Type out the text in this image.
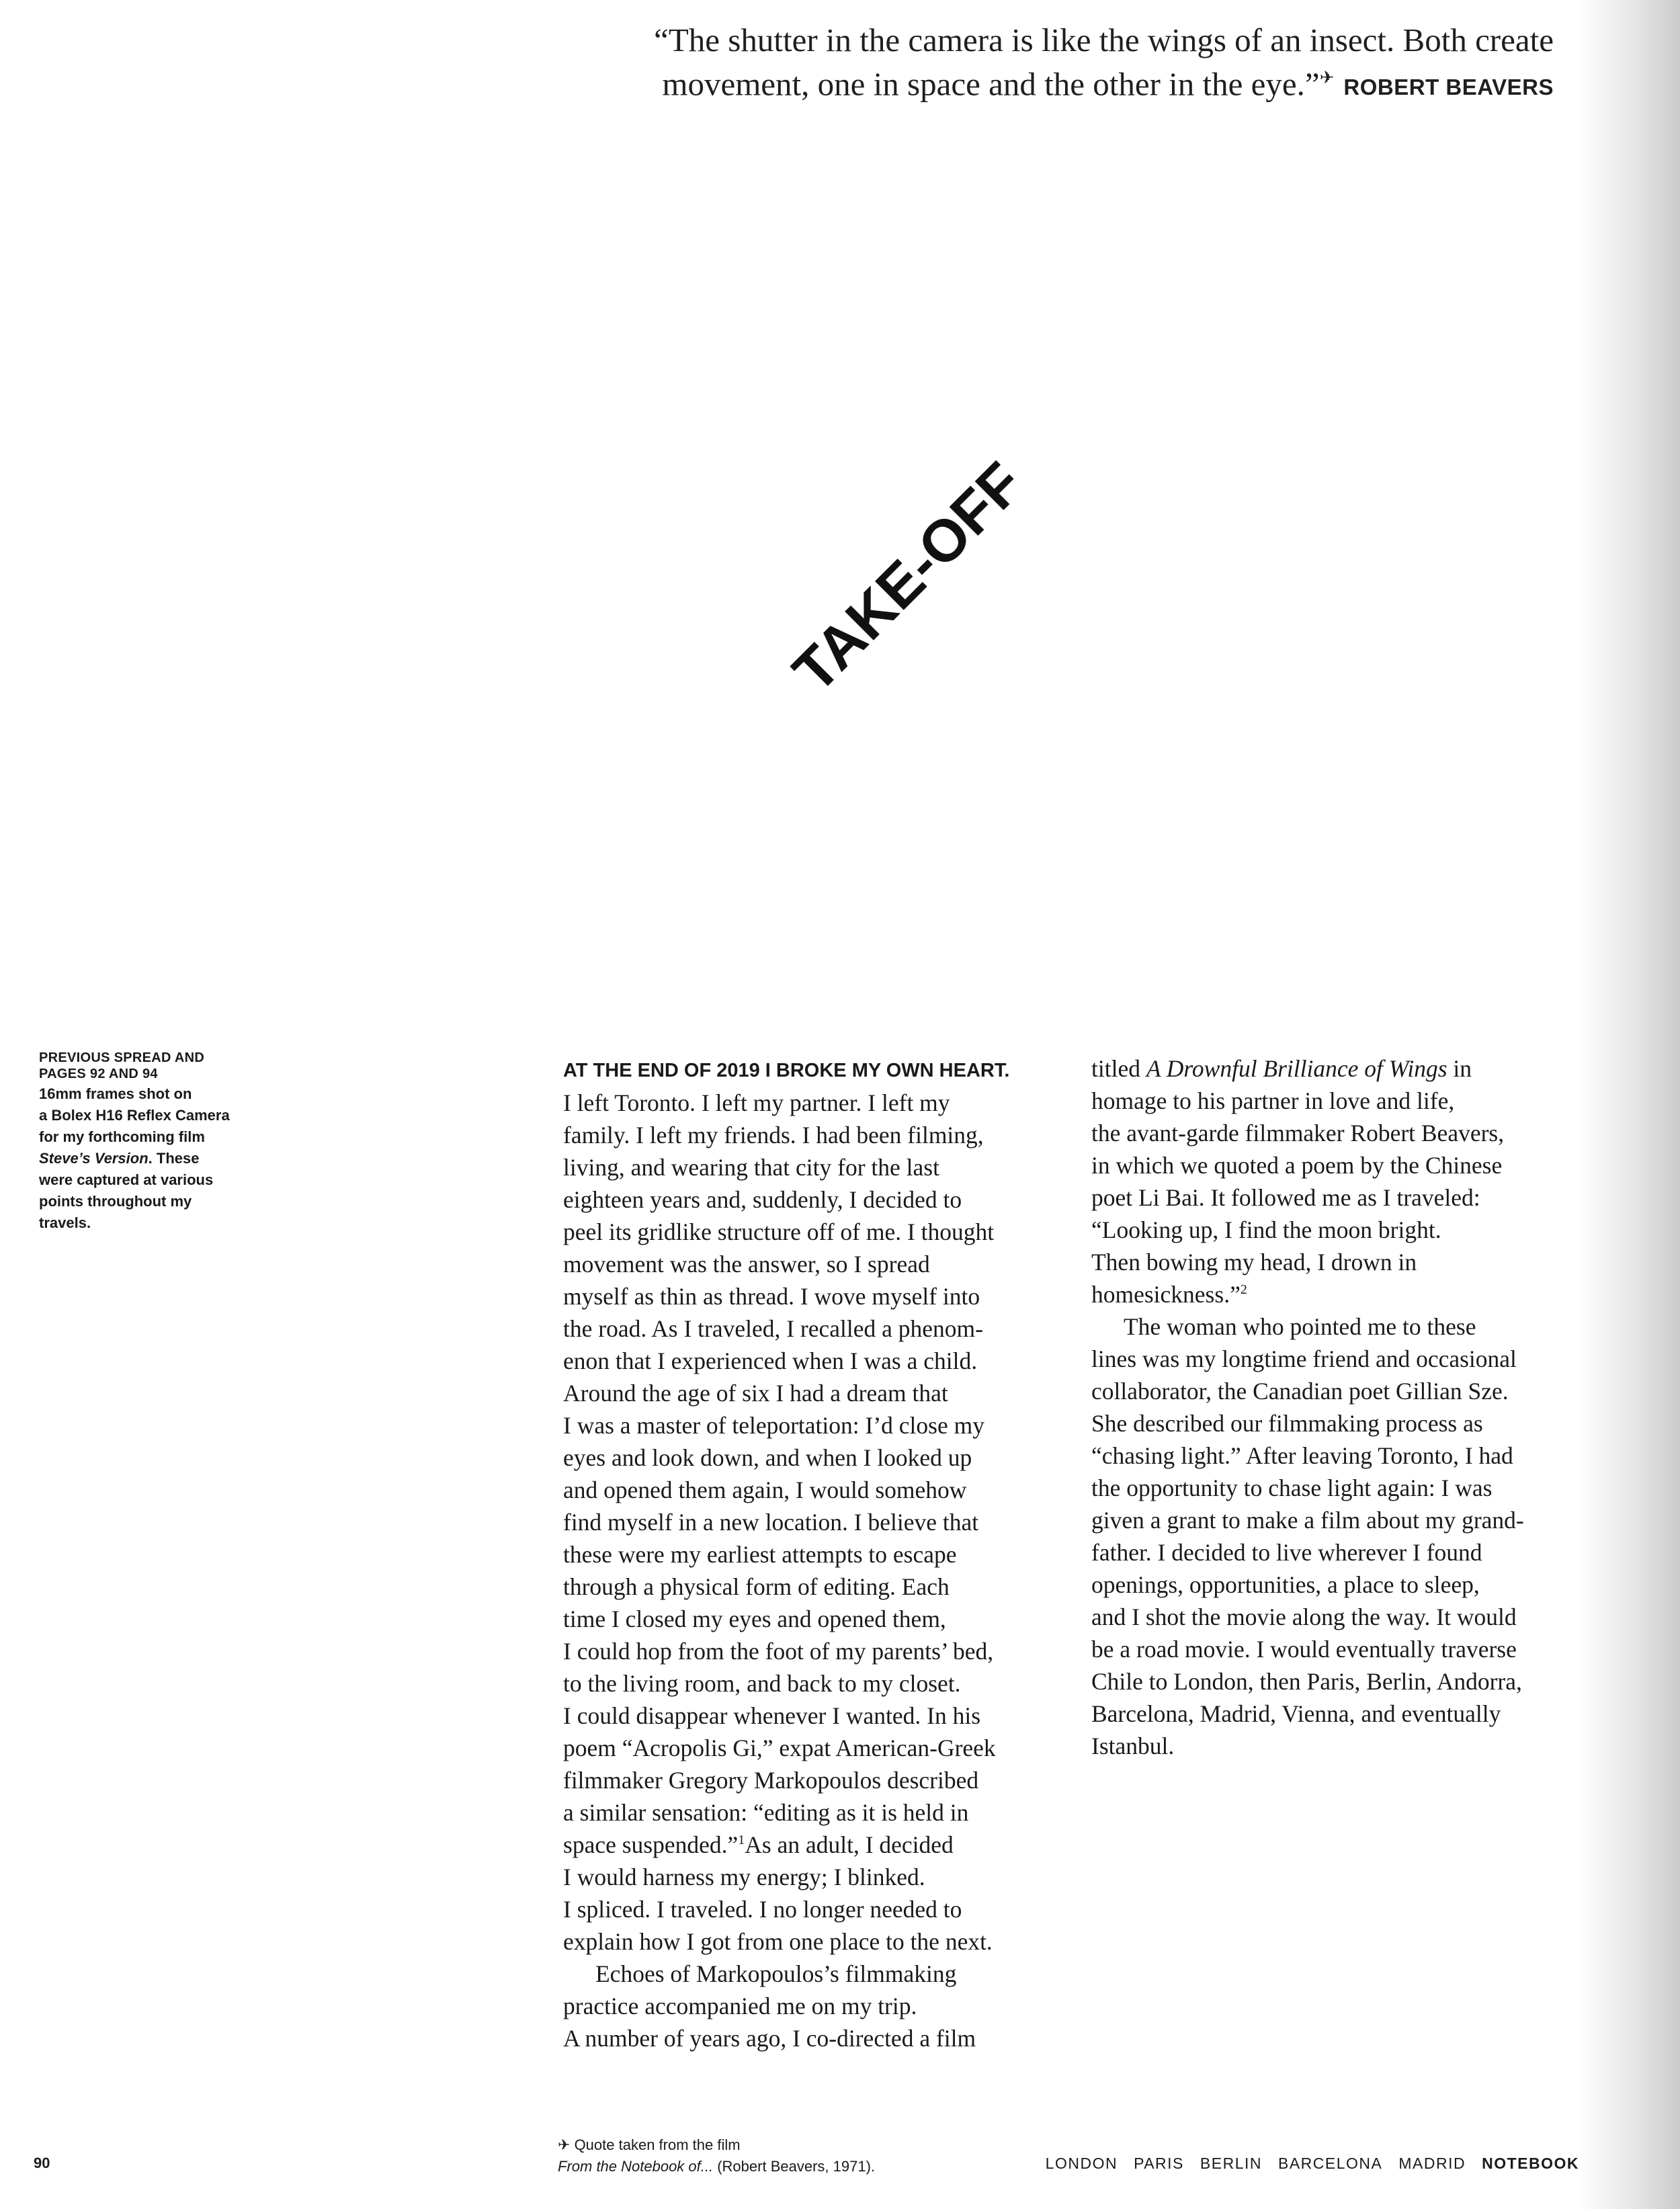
“The shutter in the camera is like the wings of an insect. Both create
movement, one in space and the other in the eye.”✈ ROBERT BEAVERS
TAKE-OFF
PREVIOUS SPREAD AND
PAGES 92 AND 94
16mm frames shot on
a Bolex H16 Reflex Camera
for my forthcoming film
Steve’s Version. These
were captured at various
points throughout my
travels.

AT THE END OF 2019 I BROKE MY OWN HEART.
I left Toronto. I left my partner. I left my
family. I left my friends. I had been filming,
living, and wearing that city for the last
eighteen years and, suddenly, I decided to
peel its gridlike structure off of me. I thought
movement was the answer, so I spread
myself as thin as thread. I wove myself into
the road. As I traveled, I recalled a phenom-
enon that I experienced when I was a child.
Around the age of six I had a dream that
I was a master of teleportation: I’d close my
eyes and look down, and when I looked up
and opened them again, I would somehow
find myself in a new location. I believe that
these were my earliest attempts to escape
through a physical form of editing. Each
time I closed my eyes and opened them,
I could hop from the foot of my parents’ bed,
to the living room, and back to my closet.
I could disappear whenever I wanted. In his
poem “Acropolis Gi,” expat American-Greek
filmmaker Gregory Markopoulos described
a similar sensation: “editing as it is held in
space suspended.”$^1$As an adult, I decided
I would harness my energy; I blinked.
I spliced. I traveled. I no longer needed to
explain how I got from one place to the next.

Echoes of Markopoulos’s filmmaking
practice accompanied me on my trip.
A number of years ago, I co-directed a film

titled A Drownful Brilliance of Wings in
homage to his partner in love and life,
the avant-garde filmmaker Robert Beavers,
in which we quoted a poem by the Chinese
poet Li Bai. It followed me as I traveled:
“Looking up, I find the moon bright.
Then bowing my head, I drown in
homesickness.”$^2$

The woman who pointed me to these
lines was my longtime friend and occasional
collaborator, the Canadian poet Gillian Sze.
She described our filmmaking process as
“chasing light.” After leaving Toronto, I had
the opportunity to chase light again: I was
given a grant to make a film about my grand-
father. I decided to live wherever I found
openings, opportunities, a place to sleep,
and I shot the movie along the way. It would
be a road movie. I would eventually traverse
Chile to London, then Paris, Berlin, Andorra,
Barcelona, Madrid, Vienna, and eventually
Istanbul.

✈ Quote taken from the film
From the Notebook of... (Robert Beavers, 1971).
90	LONDON PARIS BERLIN BARCELONA MADRID NOTEBOOK
